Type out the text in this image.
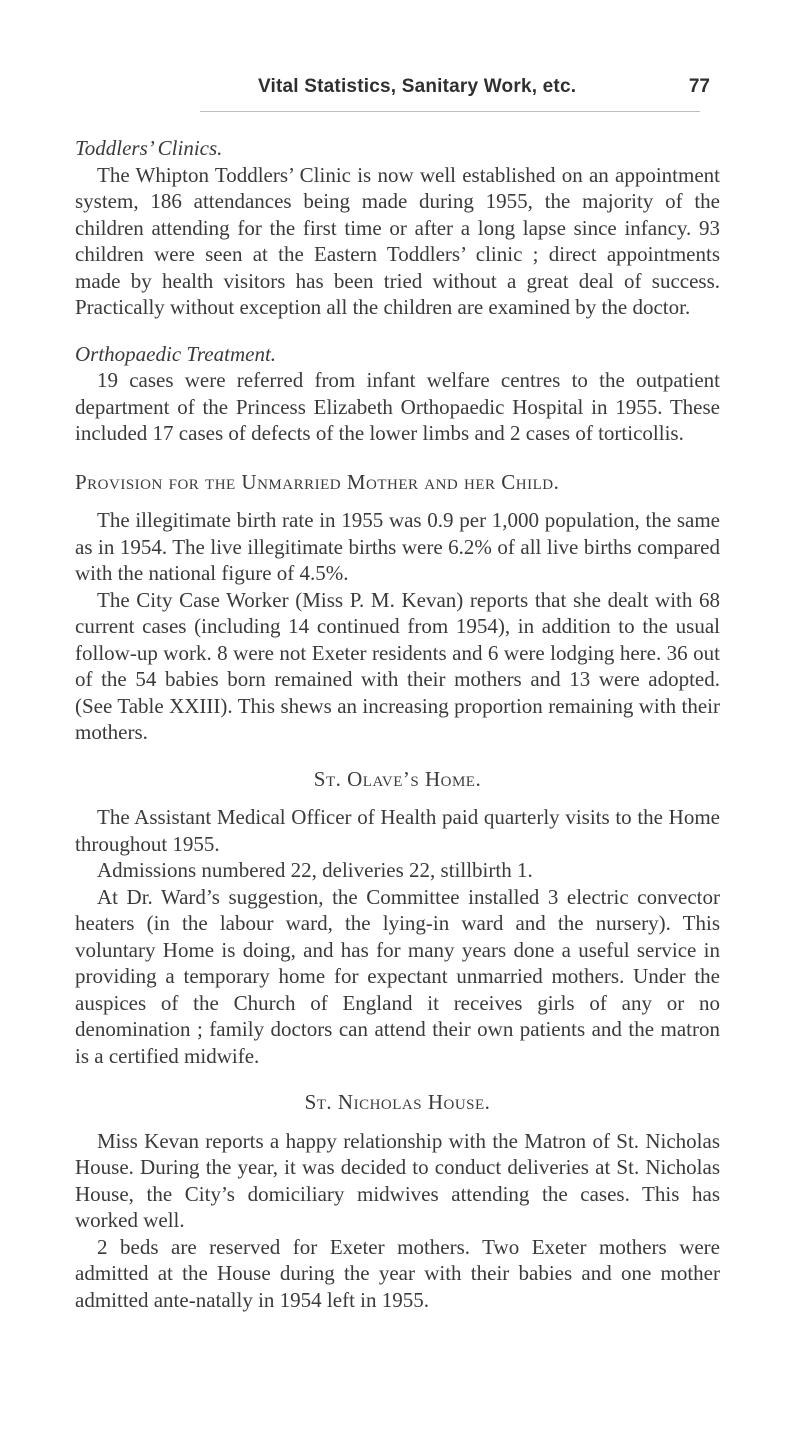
Vital Statistics, Sanitary Work, etc.	77

Toddlers’ Clinics.

The Whipton Toddlers’ Clinic is now well established on an appointment system, 186 attendances being made during 1955, the majority of the children attending for the first time or after a long lapse since infancy. 93 children were seen at the Eastern Toddlers’ clinic ; direct appointments made by health visitors has been tried without a great deal of success. Practically without exception all the children are examined by the doctor.

Orthopaedic Treatment.

19 cases were referred from infant welfare centres to the outpatient department of the Princess Elizabeth Orthopaedic Hospital in 1955. These included 17 cases of defects of the lower limbs and 2 cases of torticollis.

Provision for the Unmarried Mother and her Child.

The illegitimate birth rate in 1955 was 0.9 per 1,000 population, the same as in 1954. The live illegitimate births were 6.2% of all live births compared with the national figure of 4.5%.

The City Case Worker (Miss P. M. Kevan) reports that she dealt with 68 current cases (including 14 continued from 1954), in addition to the usual follow-up work. 8 were not Exeter residents and 6 were lodging here. 36 out of the 54 babies born remained with their mothers and 13 were adopted. (See Table XXIII). This shews an increasing proportion remaining with their mothers.

St. Olave’s Home.

The Assistant Medical Officer of Health paid quarterly visits to the Home throughout 1955.

Admissions numbered 22, deliveries 22, stillbirth 1.

At Dr. Ward’s suggestion, the Committee installed 3 electric convector heaters (in the labour ward, the lying-in ward and the nursery). This voluntary Home is doing, and has for many years done a useful service in providing a temporary home for expectant unmarried mothers. Under the auspices of the Church of England it receives girls of any or no denomination ; family doctors can attend their own patients and the matron is a certified midwife.

St. Nicholas House.

Miss Kevan reports a happy relationship with the Matron of St. Nicholas House. During the year, it was decided to conduct deliveries at St. Nicholas House, the City’s domiciliary midwives attending the cases. This has worked well.

2 beds are reserved for Exeter mothers. Two Exeter mothers were admitted at the House during the year with their babies and one mother admitted ante-natally in 1954 left in 1955.
